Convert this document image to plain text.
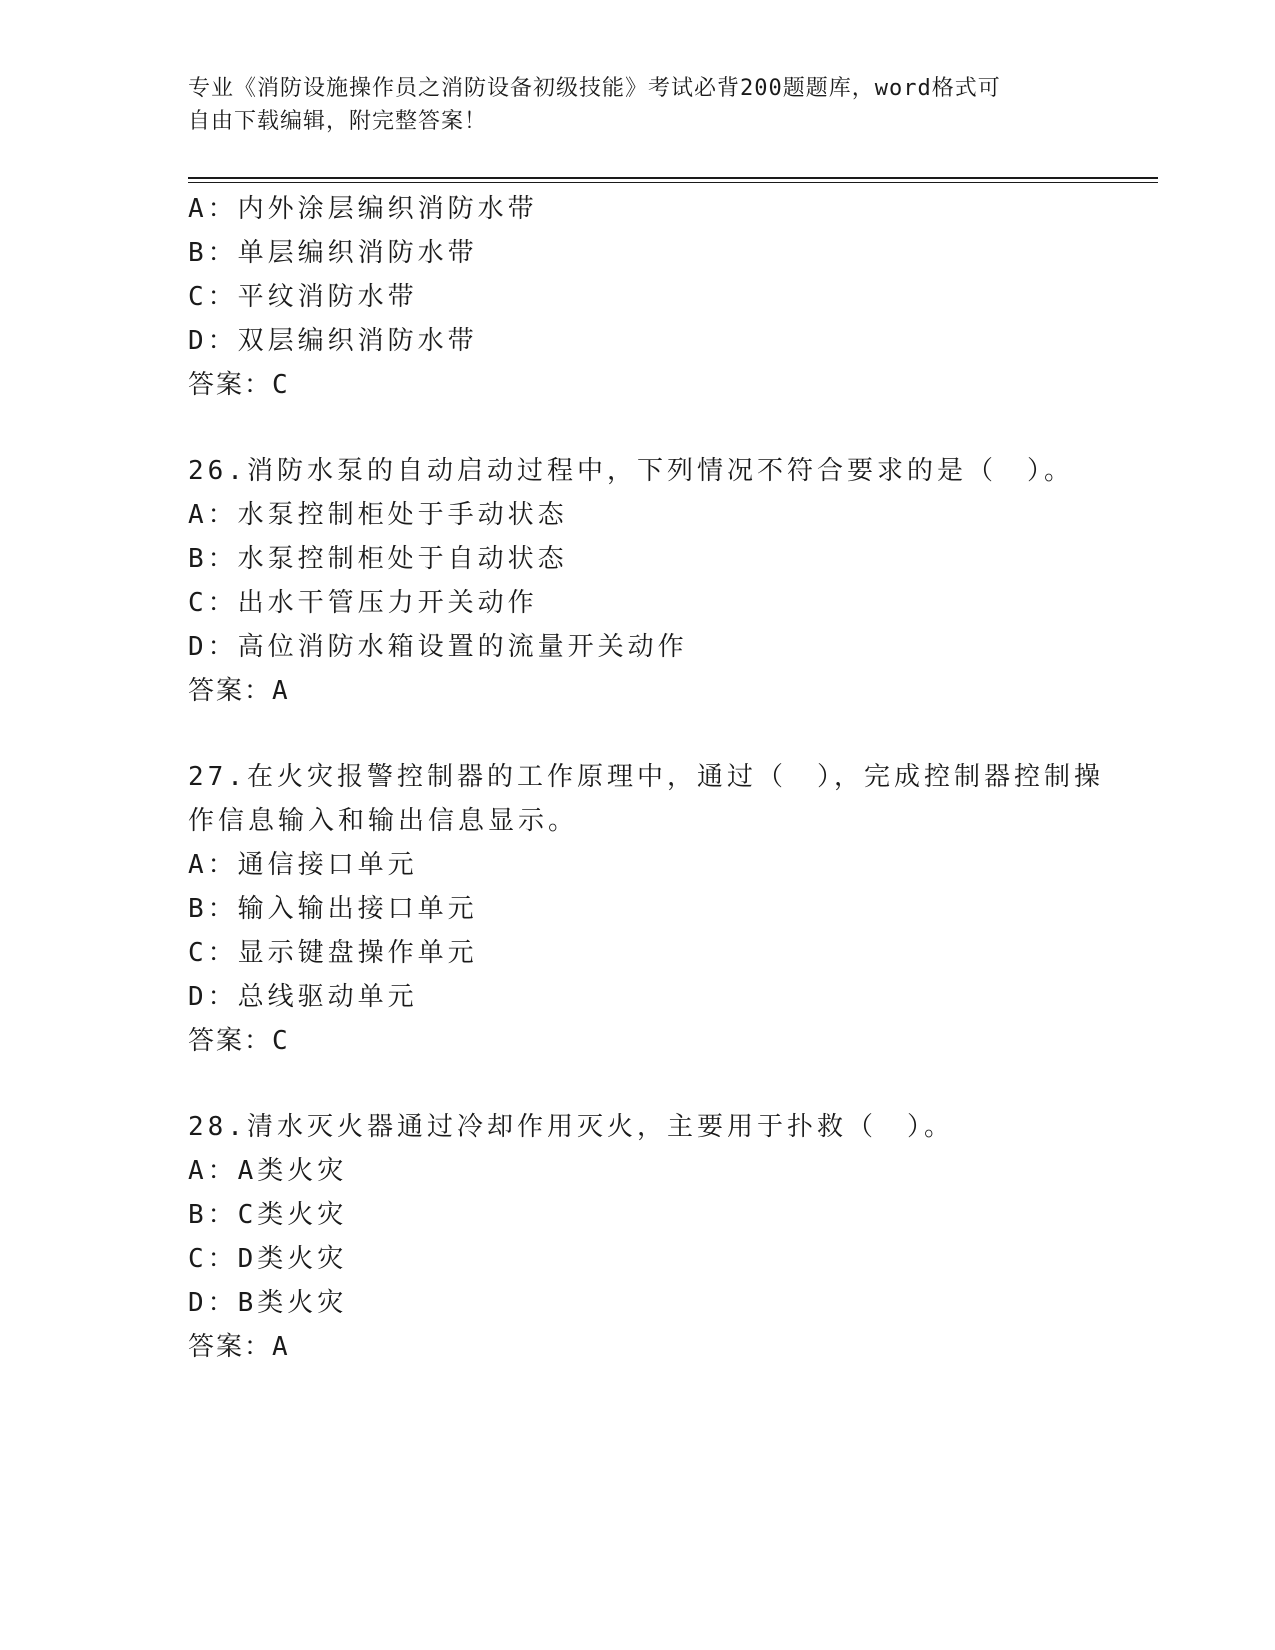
专业《消防设施操作员之消防设备初级技能》考试必背200题题库，word格式可
自由下载编辑，附完整答案！
A：内外涂层编织消防水带
B：单层编织消防水带
C：平纹消防水带
D：双层编织消防水带
答案：C
26.消防水泵的自动启动过程中，下列情况不符合要求的是（　）。
A：水泵控制柜处于手动状态
B：水泵控制柜处于自动状态
C：出水干管压力开关动作
D：高位消防水箱设置的流量开关动作
答案：A
27.在火灾报警控制器的工作原理中，通过（　），完成控制器控制操
作信息输入和输出信息显示。
A：通信接口单元
B：输入输出接口单元
C：显示键盘操作单元
D：总线驱动单元
答案：C
28.清水灭火器通过冷却作用灭火，主要用于扑救（　）。
A：A类火灾
B：C类火灾
C：D类火灾
D：B类火灾
答案：A
